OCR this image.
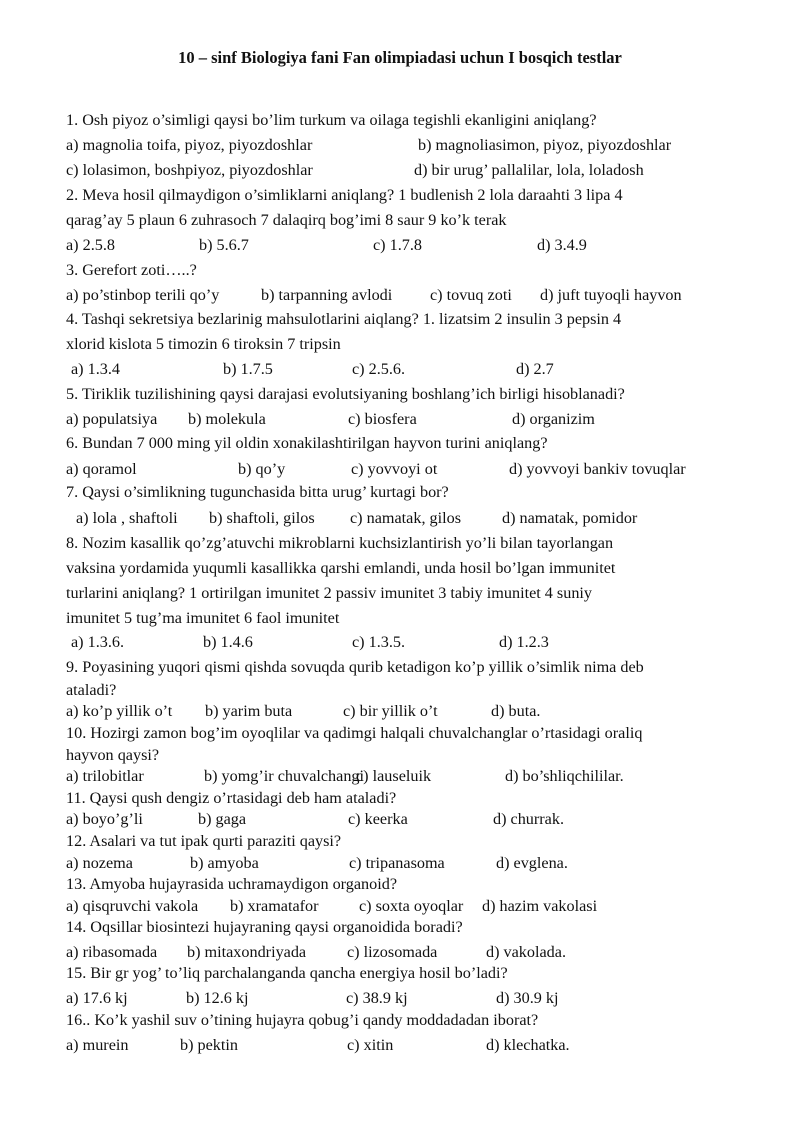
10 – sinf Biologiya fani Fan olimpiadasi uchun I bosqich testlar
1. Osh piyoz o’simligi qaysi bo’lim turkum va oilaga tegishli ekanligini aniqlang?
a) magnolia toifa, piyoz, piyozdoshlar	b) magnoliasimon, piyoz, piyozdoshlar
c) lolasimon, boshpiyoz, piyozdoshlar	d) bir urug’ pallalilar, lola, loladosh
2. Meva hosil qilmaydigon o’simliklarni aniqlang? 1 budlenish 2 lola daraahti 3 lipa 4
qarag’ay 5 plaun 6 zuhrasoch 7 dalaqirq bog’imi 8 saur 9 ko’k terak
a) 2.5.8	b) 5.6.7	c) 1.7.8	d) 3.4.9
3. Gerefort zoti…..?
a) po’stinbop terili qo’y	b) tarpanning avlodi c) tovuq zoti d) juft tuyoqli hayvon
4. Tashqi sekretsiya bezlarinig mahsulotlarini aiqlang? 1. lizatsim 2 insulin 3 pepsin 4
xlorid kislota 5 timozin 6 tiroksin 7 tripsin
a) 1.3.4	b) 1.7.5	c) 2.5.6.	d) 2.7
5. Tiriklik tuzilishining qaysi darajasi evolutsiyaning boshlang’ich birligi hisoblanadi?
a) populatsiya b) molekula	c) biosfera	d) organizim
6. Bundan 7 000 ming yil oldin xonakilashtirilgan hayvon turini aniqlang?
a) qoramol	b) qo’y	c) yovvoyi ot	d) yovvoyi bankiv tovuqlar
7. Qaysi o’simlikning tugunchasida bitta urug’ kurtagi bor?
a) lola , shaftoli b) shaftoli, gilos c) namatak, gilos	d) namatak, pomidor
8. Nozim kasallik qo’zg’atuvchi mikroblarni kuchsizlantirish yo’li bilan tayorlangan
vaksina yordamida yuqumli kasallikka qarshi emlandi, unda hosil bo’lgan immunitet
turlarini aniqlang? 1 ortirilgan imunitet 2 passiv imunitet 3 tabiy imunitet 4 suniy
imunitet 5 tug’ma imunitet 6 faol imunitet
a) 1.3.6.	b) 1.4.6	c) 1.3.5.	d) 1.2.3
9. Poyasining yuqori qismi qishda sovuqda qurib ketadigon ko’p yillik o’simlik nima deb
ataladi?
a) ko’p yillik o’t b) yarim buta	c) bir yillik o’t	d) buta.
10. Hozirgi zamon bog’im oyoqlilar va qadimgi halqali chuvalchanglar o’rtasidagi oraliq
hayvon qaysi?
a) trilobitlar	b) yomg’ir chuvalchangi
c) lauseluik	d) bo’shliqchililar.
11. Qaysi qush dengiz o’rtasidagi deb ham ataladi?
a) boyo’g’li	b) gaga	c) keerka	d) churrak.
12. Asalari va tut ipak qurti paraziti qaysi?
a) nozema	b) amyoba	c) tripanasoma	d) evglena.
13. Amyoba hujayrasida uchramaydigon organoid?
a) qisqruvchi vakola b) xramatafor c) soxta oyoqlar d) hazim vakolasi
14. Oqsillar biosintezi hujayraning qaysi organoidida boradi?
a) ribasomada b) mitaxondriyada	c) lizosomada	d) vakolada.
15. Bir gr yog’ to’liq parchalanganda qancha energiya hosil bo’ladi?
a) 17.6 kj	b) 12.6 kj	c) 38.9 kj	d) 30.9 kj
16.. Ko’k yashil suv o’tining hujayra qobug’i qandy moddadadan iborat?
a) murein	b) pektin	c) xitin	d) klechatka.
